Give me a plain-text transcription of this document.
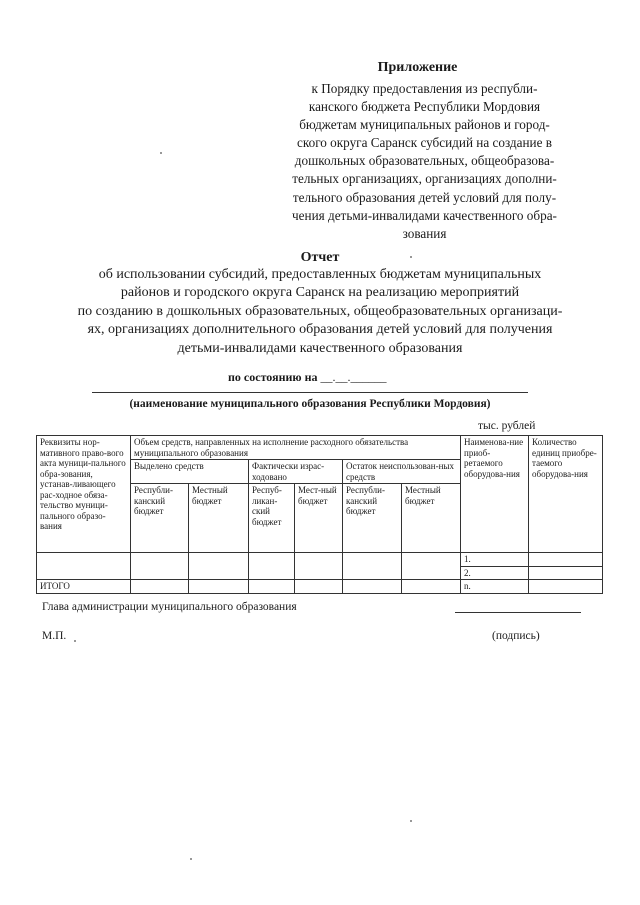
Приложение
к Порядку предоставления из республи-
канского бюджета Республики Мордовия
бюджетам муниципальных районов и город-
ского округа Саранск субсидий на создание в
дошкольных образовательных, общеобразова-
тельных организациях, организациях дополни-
тельного образования детей условий для полу-
чения детьми-инвалидами качественного обра-
зования
Отчет
об использовании субсидий, предоставленных бюджетам муниципальных
районов и городского округа Саранск на реализацию мероприятий
по созданию в дошкольных образовательных, общеобразовательных организаци-
ях, организациях дополнительного образования детей условий для получения
детьми-инвалидами качественного образования
по состоянию на __.__.______
(наименование муниципального образования Республики Мордовия)
тыс. рублей
Реквизиты нор-мативного право-вого акта муници-пального обра-зования, устанав-ливающего рас-ходное обяза-тельство муници-пального образо-вания	Объем средств, направленных на исполнение расходного обязательства муниципального образования						Наименова-ние приоб-ретаемого оборудова-ния	Количество единиц приобре-таемого оборудова-ния
	Выделено средств		Фактически израс-ходовано		Остаток неиспользован-ных средств			
	Республи-канский бюджет	Местный бюджет	Респуб-ликан-ский бюджет	Мест-ный бюджет	Республи-канский бюджет	Местный бюджет		
							1.	
							2.	
ИТОГО							n.	
Глава администрации муниципального образования
М.П.	(подпись)
